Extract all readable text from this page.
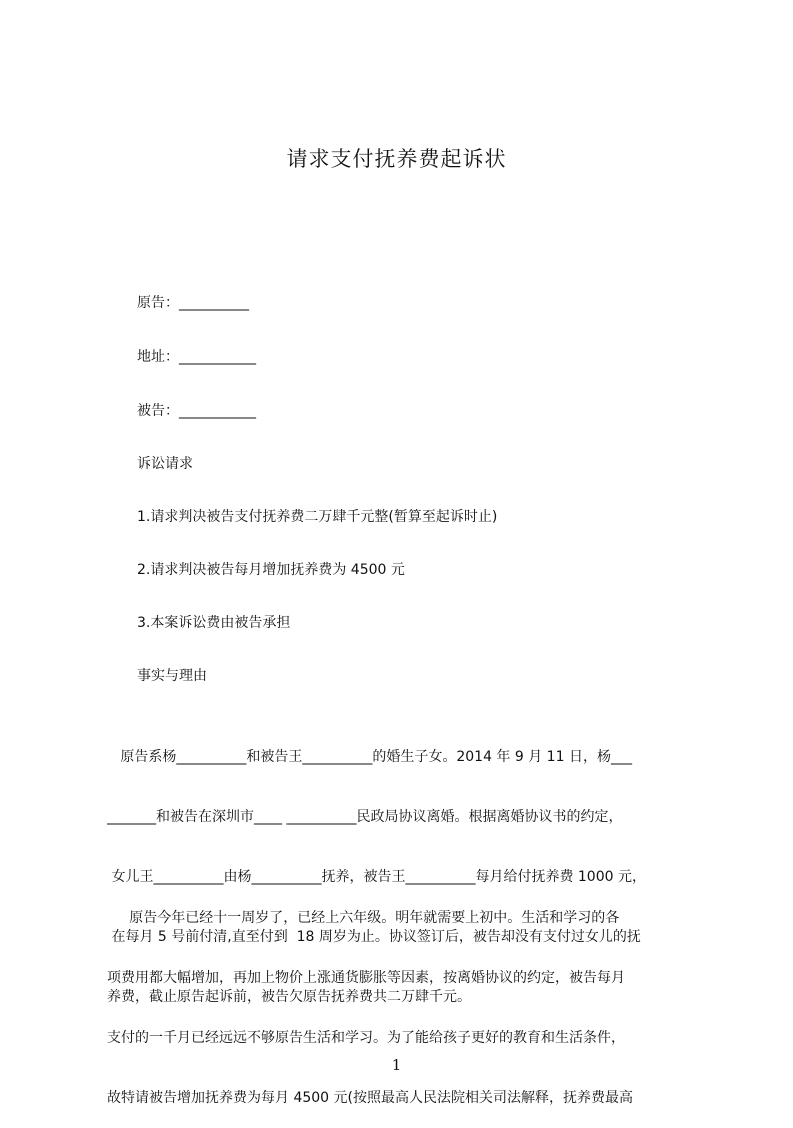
请求支付抚养费起诉状
原告：__________
地址：___________
被告：___________
诉讼请求
1.请求判决被告支付抚养费二万肆千元整(暂算至起诉时止)
2.请求判决被告每月增加抚养费为 4500 元
3.本案诉讼费由被告承担
事实与理由

原告系杨__________和被告王__________的婚生子女。2014 年 9 月 11 日，杨___

_______和被告在深圳市____ __________民政局协议离婚。根据离婚协议书的约定，

女儿王__________由杨__________抚养，被告王__________每月给付抚养费 1000 元，

在每月 5 号前付清,直至付到  18 周岁为止。协议签订后，被告却没有支付过女儿的抚

养费，截止原告起诉前，被告欠原告抚养费共二万肆千元。

原告今年已经十一周岁了，已经上六年级。明年就需要上初中。生活和学习的各

项费用都大幅增加，再加上物价上涨通货膨胀等因素，按离婚协议的约定，被告每月

支付的一千月已经远远不够原告生活和学习。为了能给孩子更好的教育和生活条件，

故特请被告增加抚养费为每月 4500 元(按照最高人民法院相关司法解释，抚养费最高

1
